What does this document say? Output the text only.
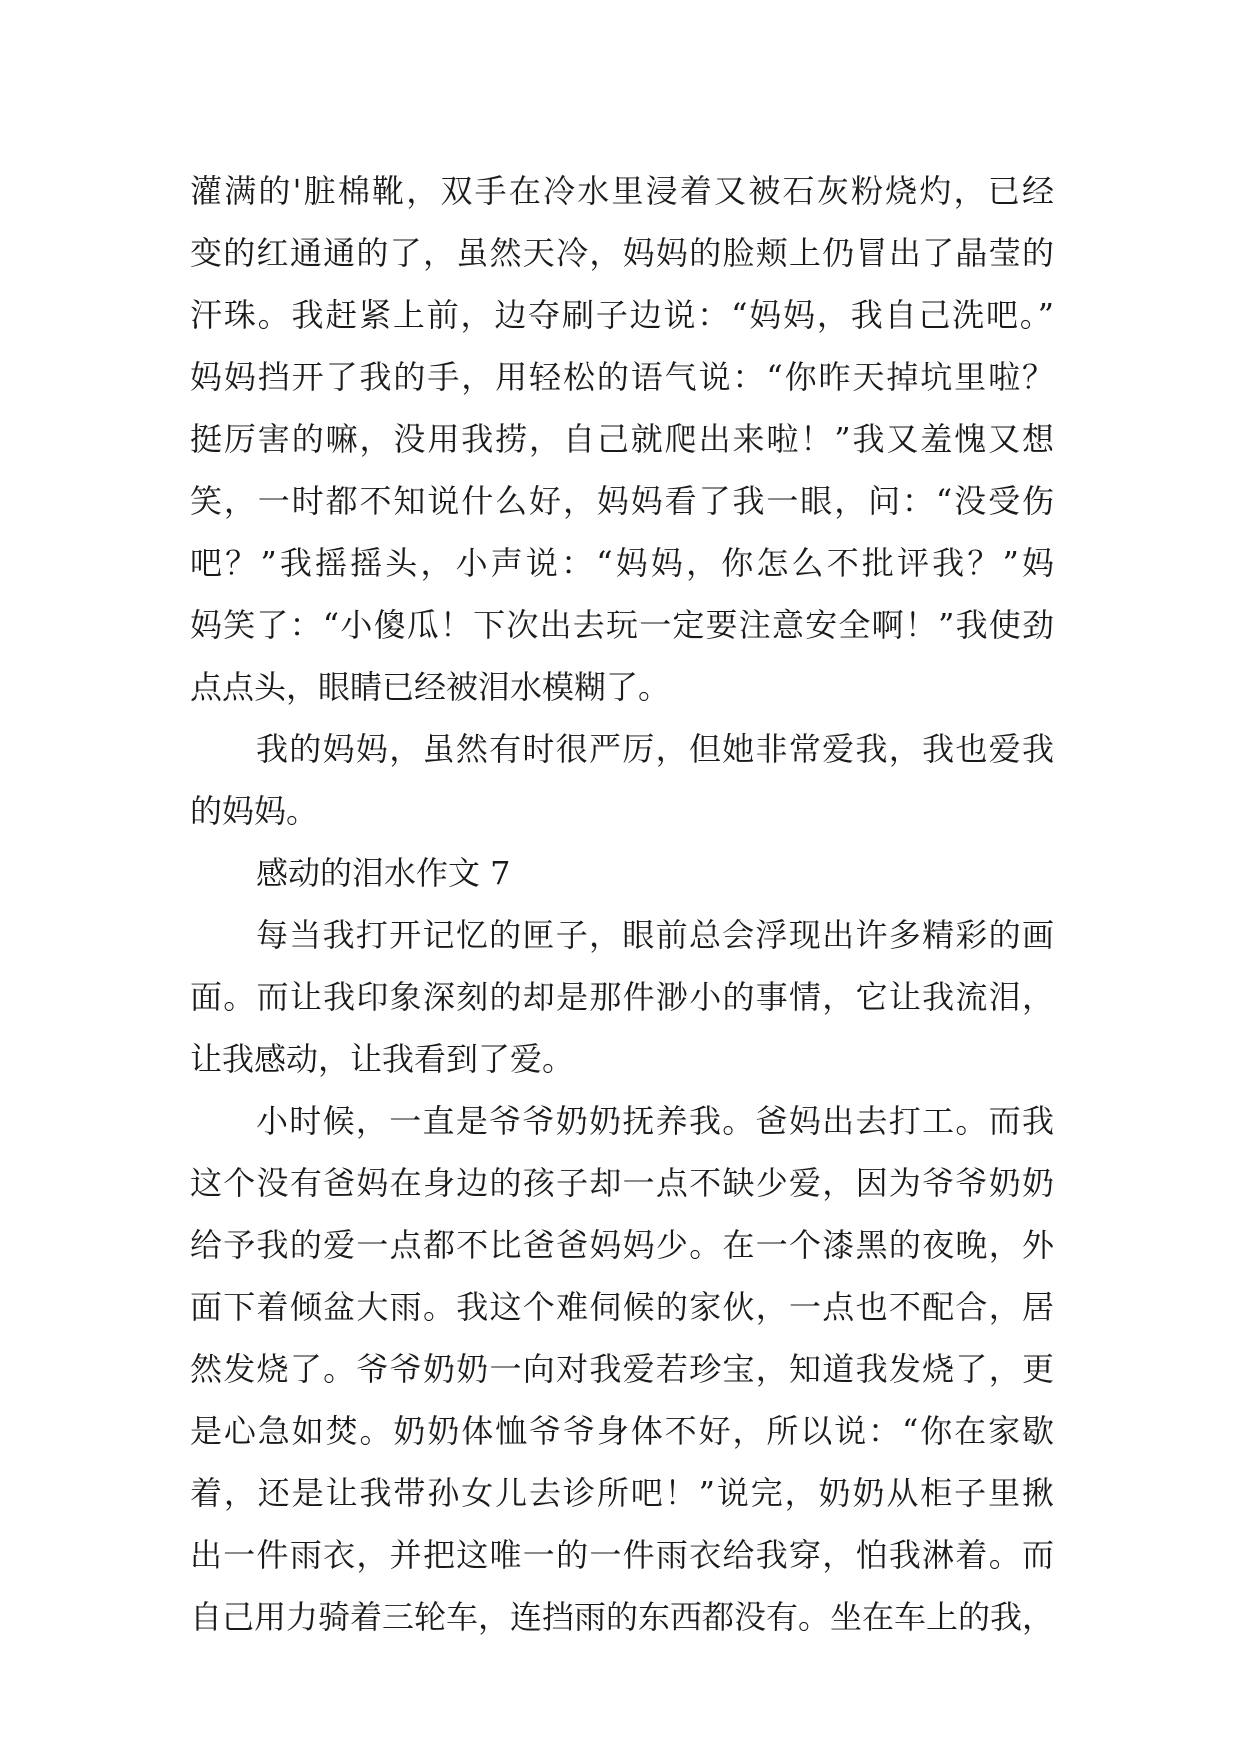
灌满的'脏棉靴，双手在冷水里浸着又被石灰粉烧灼，已经
变的红通通的了，虽然天冷，妈妈的脸颊上仍冒出了晶莹的
汗珠。我赶紧上前，边夺刷子边说：“妈妈，我自己洗吧。”
妈妈挡开了我的手，用轻松的语气说：“你昨天掉坑里啦？
挺厉害的嘛，没用我捞，自己就爬出来啦！”我又羞愧又想
笑，一时都不知说什么好，妈妈看了我一眼，问：“没受伤
吧？”我摇摇头，小声说：“妈妈，你怎么不批评我？”妈
妈笑了：“小傻瓜！下次出去玩一定要注意安全啊！”我使劲
点点头，眼睛已经被泪水模糊了。
我的妈妈，虽然有时很严厉，但她非常爱我，我也爱我
的妈妈。
感动的泪水作文 7
每当我打开记忆的匣子，眼前总会浮现出许多精彩的画
面。而让我印象深刻的却是那件渺小的事情，它让我流泪，
让我感动，让我看到了爱。
小时候，一直是爷爷奶奶抚养我。爸妈出去打工。而我
这个没有爸妈在身边的孩子却一点不缺少爱，因为爷爷奶奶
给予我的爱一点都不比爸爸妈妈少。在一个漆黑的夜晚，外
面下着倾盆大雨。我这个难伺候的家伙，一点也不配合，居
然发烧了。爷爷奶奶一向对我爱若珍宝，知道我发烧了，更
是心急如焚。奶奶体恤爷爷身体不好，所以说：“你在家歇
着，还是让我带孙女儿去诊所吧！”说完，奶奶从柜子里揪
出一件雨衣，并把这唯一的一件雨衣给我穿，怕我淋着。而
自己用力骑着三轮车，连挡雨的东西都没有。坐在车上的我，
